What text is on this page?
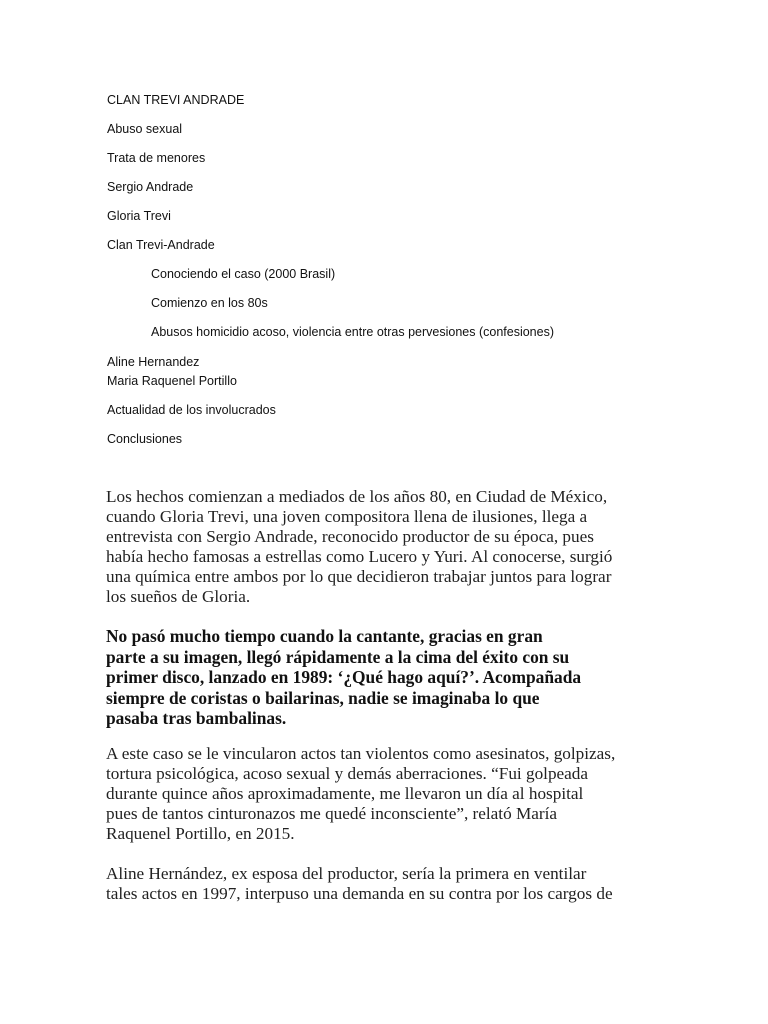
CLAN TREVI ANDRADE
Abuso sexual
Trata de menores
Sergio Andrade
Gloria Trevi
Clan Trevi-Andrade
Conociendo el caso (2000 Brasil)
Comienzo en los 80s
Abusos homicidio acoso, violencia entre otras pervesiones (confesiones)
Aline Hernandez
Maria Raquenel Portillo
Actualidad de los involucrados
Conclusiones
Los hechos comienzan a mediados de los años 80, en Ciudad de México,
cuando Gloria Trevi, una joven compositora llena de ilusiones, llega a
entrevista con Sergio Andrade, reconocido productor de su época, pues
había hecho famosas a estrellas como Lucero y Yuri. Al conocerse, surgió
una química entre ambos por lo que decidieron trabajar juntos para lograr
los sueños de Gloria.
No pasó mucho tiempo cuando la cantante, gracias en gran
parte a su imagen, llegó rápidamente a la cima del éxito con su
primer disco, lanzado en 1989: ‘¿Qué hago aquí?’. Acompañada
siempre de coristas o bailarinas, nadie se imaginaba lo que
pasaba tras bambalinas.
A este caso se le vincularon actos tan violentos como asesinatos, golpizas,
tortura psicológica, acoso sexual y demás aberraciones. “Fui golpeada
durante quince años aproximadamente, me llevaron un día al hospital
pues de tantos cinturonazos me quedé inconsciente”, relató María
Raquenel Portillo, en 2015.
Aline Hernández, ex esposa del productor, sería la primera en ventilar
tales actos en 1997, interpuso una demanda en su contra por los cargos de
